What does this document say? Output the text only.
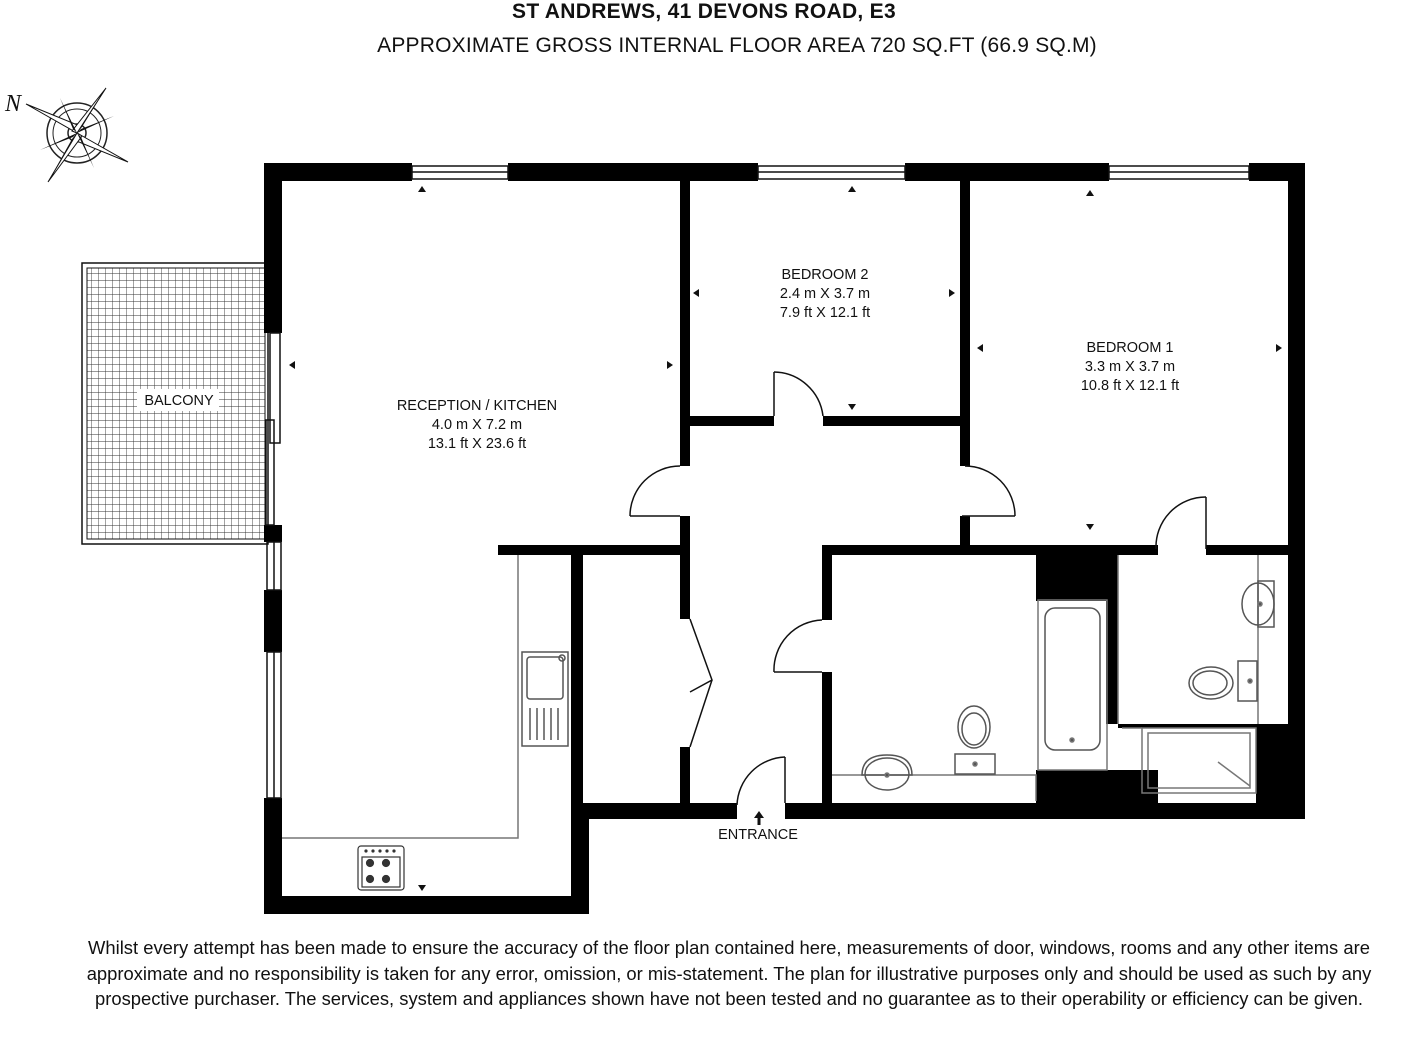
ST ANDREWS, 41 DEVONS ROAD, E3
APPROXIMATE GROSS INTERNAL FLOOR AREA 720 SQ.FT (66.9 SQ.M)
N
BALCONY	RECEPTION / KITCHEN
4.0 m X 7.2 m
13.1 ft X 23.6 ft
BEDROOM 2
2.4 m X 3.7 m
7.9 ft X 12.1 ft
BEDROOM 1
3.3 m X 3.7 m
10.8 ft X 12.1 ft
ENTRANCE
Whilst every attempt has been made to ensure the accuracy of the floor plan contained here, measurements of door, windows, rooms and any other items are approximate and no responsibility is taken for any error, omission, or mis-statement. The plan for illustrative purposes only and should be used as such by any prospective purchaser. The services, system and appliances shown have not been tested and no guarantee as to their operability or efficiency can be given.
